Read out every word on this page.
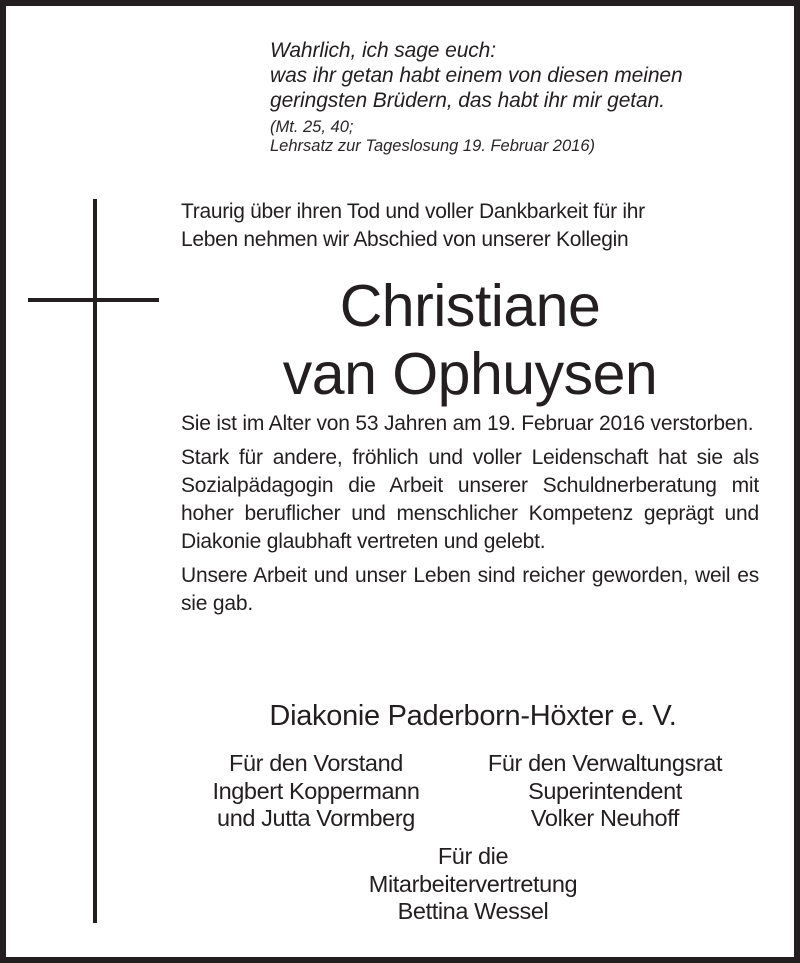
Wahrlich, ich sage euch:
was ihr getan habt einem von diesen meinen
geringsten Brüdern, das habt ihr mir getan.

(Mt. 25, 40;
Lehrsatz zur Tageslosung 19. Februar 2016)

Traurig über ihren Tod und voller Dankbarkeit für ihr
Leben nehmen wir Abschied von unserer Kollegin

Christiane
van Ophuysen

Sie ist im Alter von 53 Jahren am 19. Februar 2016 verstorben.

Stark für andere, fröhlich und voller Leidenschaft hat sie als Sozialpädagogin die Arbeit unserer Schuldnerberatung mit hoher beruflicher und menschlicher Kompetenz geprägt und Diakonie glaubhaft vertreten und gelebt.

Unsere Arbeit und unser Leben sind reicher geworden, weil es sie gab.

Diakonie Paderborn-Höxter e. V.
Für den Vorstand
Ingbert Koppermann
und Jutta Vormberg
Für den Verwaltungsrat
Superintendent
Volker Neuhoff
Für die
Mitarbeitervertretung
Bettina Wessel
